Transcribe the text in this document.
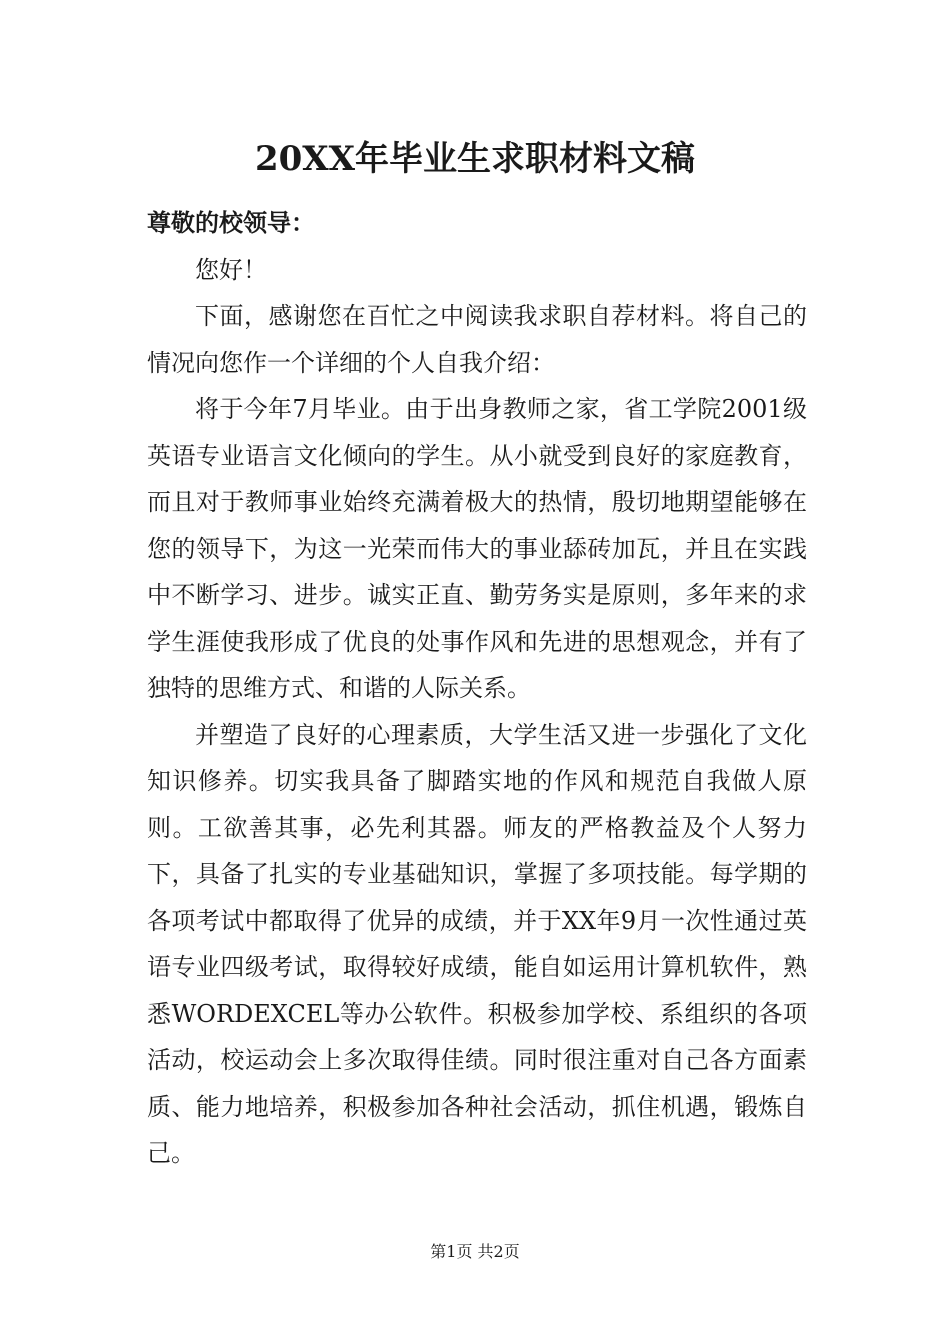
20XX年毕业生求职材料文稿

尊敬的校领导：

您好！

下面，感谢您在百忙之中阅读我求职自荐材料。将自己的情况向您作一个详细的个人自我介绍：

将于今年7月毕业。由于出身教师之家，省工学院2001级英语专业语言文化倾向的学生。从小就受到良好的家庭教育，而且对于教师事业始终充满着极大的热情，殷切地期望能够在您的领导下，为这一光荣而伟大的事业舔砖加瓦，并且在实践中不断学习、进步。诚实正直、勤劳务实是原则，多年来的求学生涯使我形成了优良的处事作风和先进的思想观念，并有了独特的思维方式、和谐的人际关系。

并塑造了良好的心理素质，大学生活又进一步强化了文化知识修养。切实我具备了脚踏实地的作风和规范自我做人原则。工欲善其事，必先利其器。师友的严格教益及个人努力下，具备了扎实的专业基础知识，掌握了多项技能。每学期的各项考试中都取得了优异的成绩，并于XX年9月一次性通过英语专业四级考试，取得较好成绩，能自如运用计算机软件，熟悉WORDEXCEL等办公软件。积极参加学校、系组织的各项活动，校运动会上多次取得佳绩。同时很注重对自己各方面素质、能力地培养，积极参加各种社会活动，抓住机遇，锻炼自己。

第1页 共2页
